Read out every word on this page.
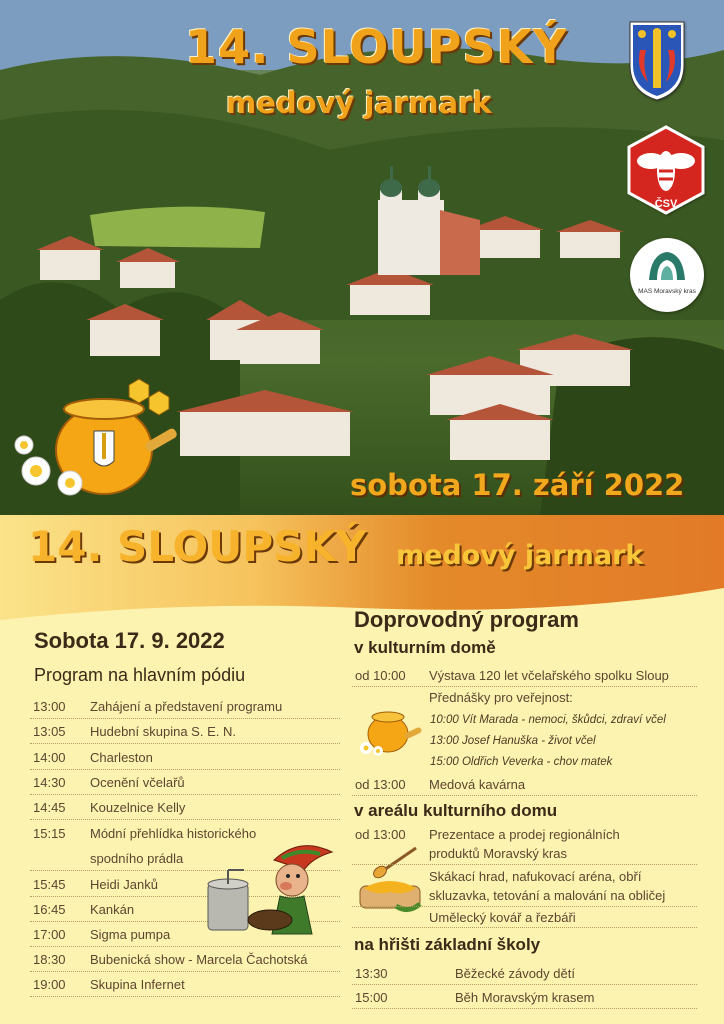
14. SLOUPSKÝ
medový jarmark
ČSV
MAS Moravský kras
sobota 17. září 2022
14. SLOUPSKÝ medový jarmark
Sobota 17. 9. 2022
Program na hlavním pódiu
13:00 Zahájení a představení programu
13:05 Hudební skupina S. E. N.
14:00 Charleston
14:30 Ocenění včelařů
14:45 Kouzelnice Kelly
15:15 Módní přehlídka historického
spodního prádla
15:45 Heidi Janků
16:45 Kankán
17:00 Sigma pumpa
18:30 Bubenická show - Marcela Čachotská
19:00 Skupina Infernet
Doprovodný program
v kulturním domě
od 10:00 Výstava 120 let včelařského spolku Sloup
Přednášky pro veřejnost:
10:00 Vít Marada - nemoci, škůdci, zdraví včel
13:00 Josef Hanuška - život včel
15:00 Oldřich Veverka - chov matek
od 13:00 Medová kavárna
v areálu kulturního domu
od 13:00 Prezentace a prodej regionálních
produktů Moravský kras
Skákací hrad, nafukovací aréna, obří
skluzavka, tetování a malování na obličej
Umělecký kovář a řezbáři
na hřišti základní školy
13:30	Běžecké závody dětí
15:00	Běh Moravským krasem
